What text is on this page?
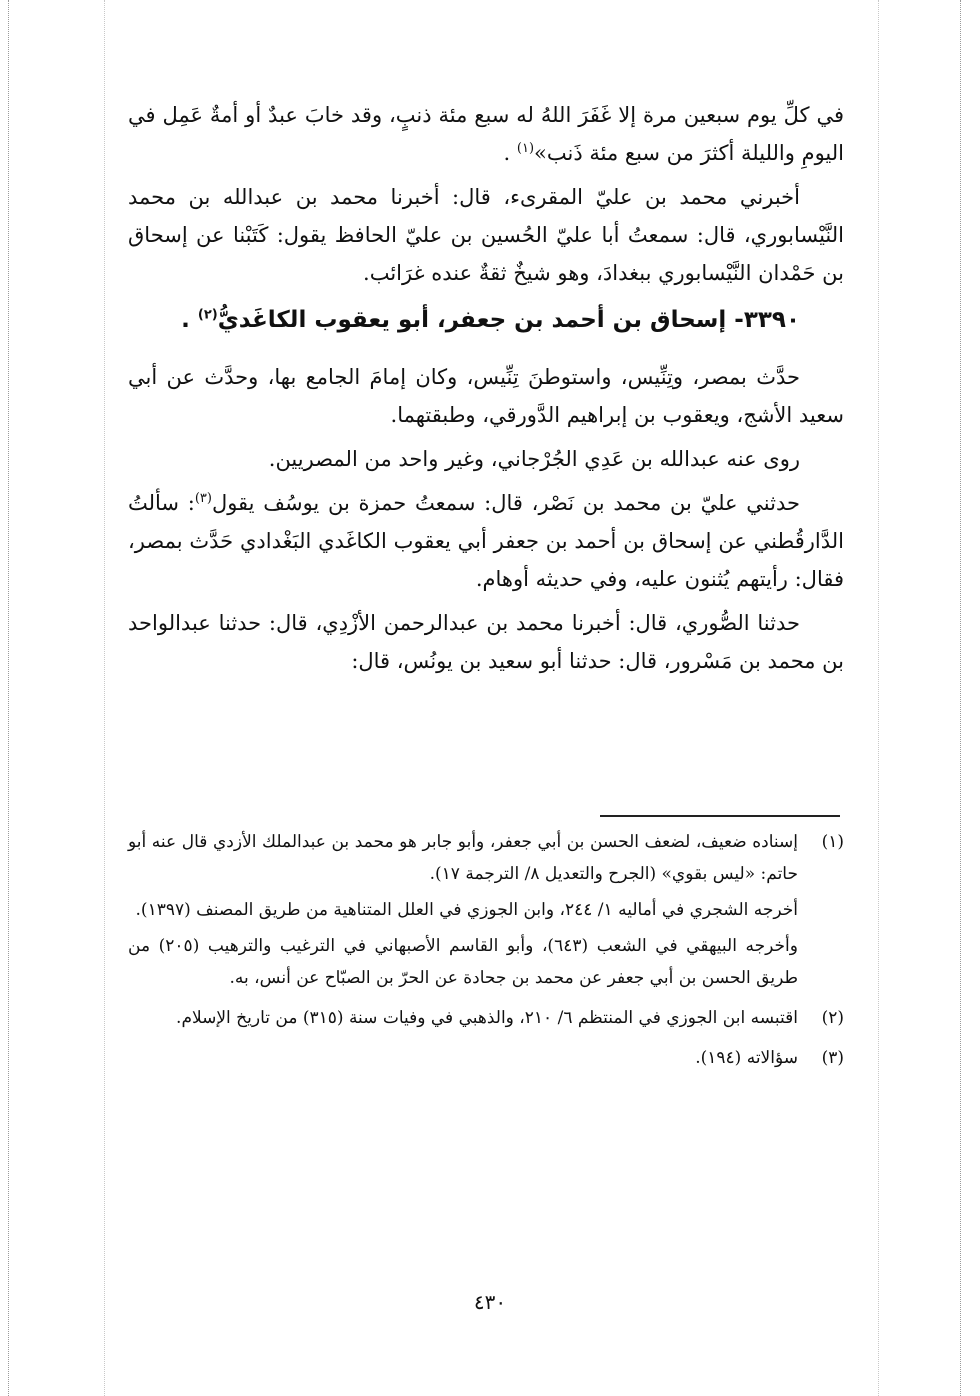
في كلِّ يوم سبعين مرة إلا غَفَرَ اللهُ له سبع مئة ذنبٍ، وقد خابَ عبدٌ أو أمةٌ عَمِل في اليومِ والليلة أكثرَ من سبع مئة ذَنب»$^{(١)}$ .

أخبرني محمد بن عليّ المقرىء، قال: أخبرنا محمد بن عبدالله بن محمد النَّيْسابوري، قال: سمعتُ أبا عليّ الحُسين بن عليّ الحافظ يقول: كَتَبْنا عن إسحاق بن حَمْدان النَّيْسابوري ببغدادَ، وهو شيخٌ ثقةٌ عنده غرَائب.

٣٣٩٠- إسحاق بن أحمد بن جعفر، أبو يعقوب الكاغَديُّ$^{(٢)}$ .

حدَّث بمصر، وتِنِّيس، واستوطنَ تِنِّيس، وكان إمامَ الجامع بها، وحدَّث عن أبي سعيد الأشج، ويعقوب بن إبراهيم الدَّورقي، وطبقتهما.

روى عنه عبدالله بن عَدِي الجُرْجاني، وغير واحد من المصريين.

حدثني عليّ بن محمد بن نَصْر، قال: سمعتُ حمزة بن يوسُف يقول$^{(٣)}$: سألتُ الدَّارقُطني عن إسحاق بن أحمد بن جعفر أبي يعقوب الكاغَدي البَغْدادي حَدَّث بمصر، فقال: رأيتهم يُثنون عليه، وفي حديثه أوهام.

حدثنا الصُّوري، قال: أخبرنا محمد بن عبدالرحمن الأزْدِي، قال: حدثنا عبدالواحد بن محمد بن مَسْرور، قال: حدثنا أبو سعيد بن يونُس، قال:

(١)

إسناده ضعيف، لضعف الحسن بن أبي جعفر، وأبو جابر هو محمد بن عبدالملك الأزدي قال عنه أبو حاتم: «ليس بقوي» (الجرح والتعديل ٨/ الترجمة ١٧).

أخرجه الشجري في أماليه ١/ ٢٤٤، وابن الجوزي في العلل المتناهية من طريق المصنف (١٣٩٧).

وأخرجه البيهقي في الشعب (٦٤٣)، وأبو القاسم الأصبهاني في الترغيب والترهيب (٢٠٥) من طريق الحسن بن أبي جعفر عن محمد بن جحادة عن الحرّ بن الصبّاح عن أنس، به.

(٢)

اقتبسه ابن الجوزي في المنتظم ٦/ ٢١٠، والذهبي في وفيات سنة (٣١٥) من تاريخ الإسلام.

(٣)

سؤالاته (١٩٤).

٤٣٠
